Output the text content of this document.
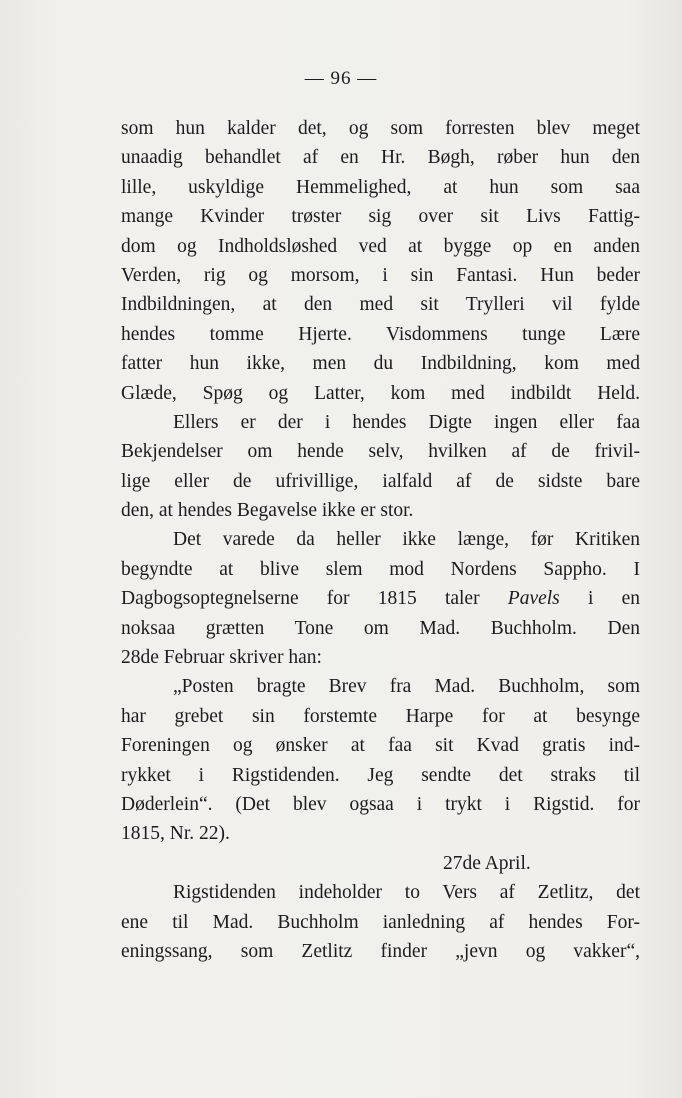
— 96 —
som hun kalder det, og som forresten blev meget
unaadig behandlet af en Hr. Bøgh, røber hun den
lille, uskyldige Hemmelighed, at hun som saa
mange Kvinder trøster sig over sit Livs Fattig-
dom og Indholdsløshed ved at bygge op en anden
Verden, rig og morsom, i sin Fantasi. Hun beder
Indbildningen, at den med sit Trylleri vil fylde
hendes tomme Hjerte. Visdommens tunge Lære
fatter hun ikke, men du Indbildning, kom med
Glæde, Spøg og Latter, kom med indbildt Held.
Ellers er der i hendes Digte ingen eller faa
Bekjendelser om hende selv, hvilken af de frivil-
lige eller de ufrivillige, ialfald af de sidste bare
den, at hendes Begavelse ikke er stor.
Det varede da heller ikke længe, før Kritiken
begyndte at blive slem mod Nordens Sappho. I
Dagbogsoptegnelserne for 1815 taler Pavels i en
noksaa grætten Tone om Mad. Buchholm. Den
28de Februar skriver han:
„Posten bragte Brev fra Mad. Buchholm, som
har grebet sin forstemte Harpe for at besynge
Foreningen og ønsker at faa sit Kvad gratis ind-
rykket i Rigstidenden. Jeg sendte det straks til
Døderlein“. (Det blev ogsaa i trykt i Rigstid. for
1815, Nr. 22).
27de April.
Rigstidenden indeholder to Vers af Zetlitz, det
ene til Mad. Buchholm ianledning af hendes For-
eningssang, som Zetlitz finder „jevn og vakker“,
